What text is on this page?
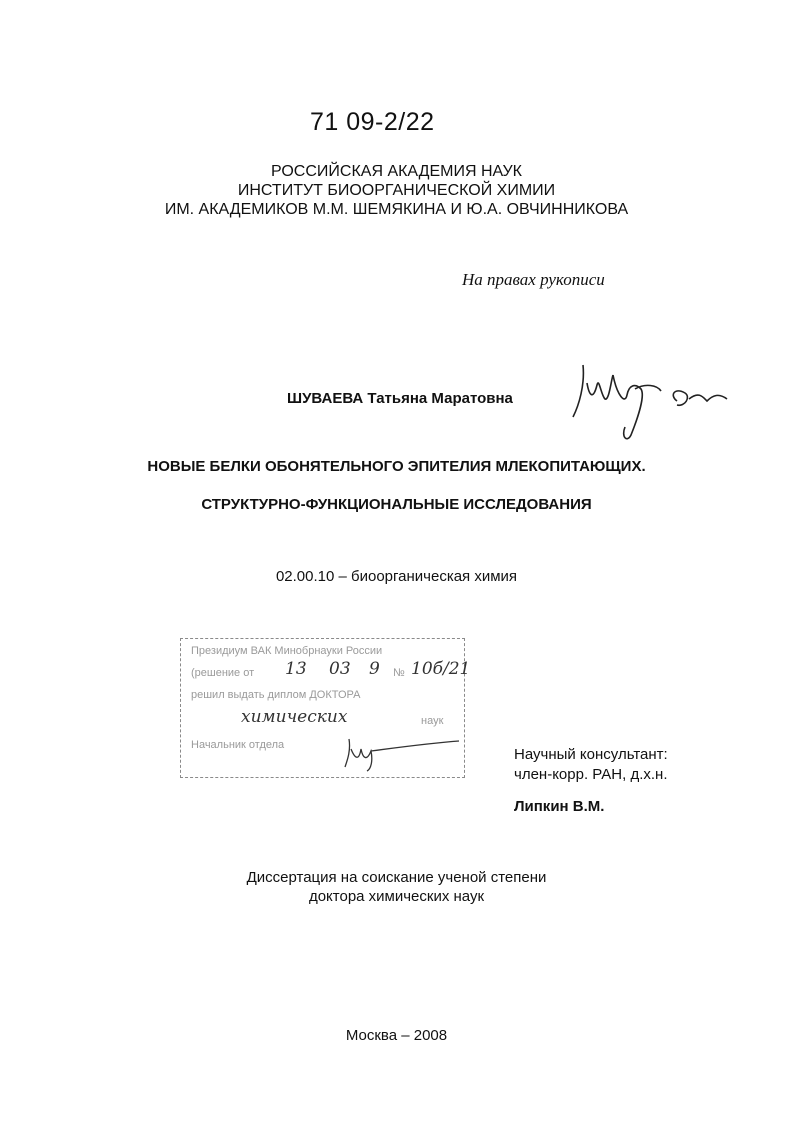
71 09-2/22
РОССИЙСКАЯ АКАДЕМИЯ НАУК
ИНСТИТУТ БИООРГАНИЧЕСКОЙ ХИМИИ
ИМ. АКАДЕМИКОВ М.М. ШЕМЯКИНА И Ю.А. ОВЧИННИКОВА
На правах рукописи
ШУВАЕВА Татьяна Маратовна
НОВЫЕ БЕЛКИ ОБОНЯТЕЛЬНОГО ЭПИТЕЛИЯ МЛЕКОПИТАЮЩИХ.
СТРУКТУРНО-ФУНКЦИОНАЛЬНЫЕ ИССЛЕДОВАНИЯ
02.00.10 – биоорганическая химия
Президиум ВАК Минобрнауки России
(решение от 13 03 9 № 10б/21
решил выдать диплом ДОКТОРА
химических	наук
Начальник отдела
Научный консультант:
член-корр. РАН, д.х.н.
Липкин В.М.
Диссертация на соискание ученой степени
доктора химических наук
Москва – 2008
